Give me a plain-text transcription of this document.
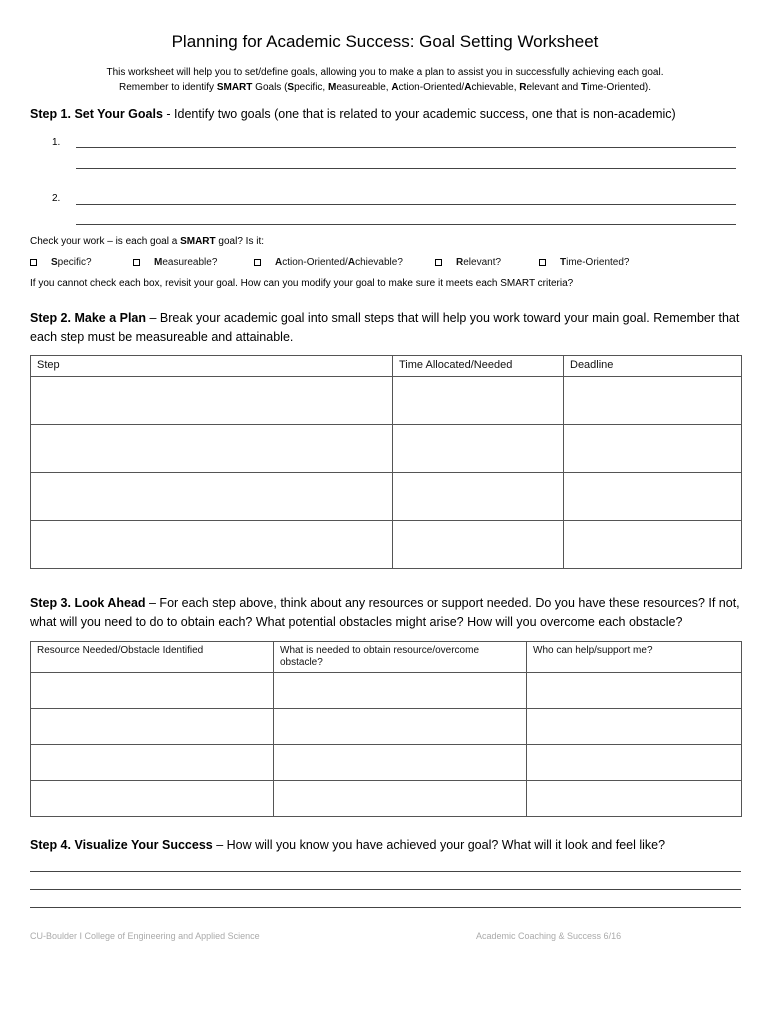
Planning for Academic Success: Goal Setting Worksheet
This worksheet will help you to set/define goals, allowing you to make a plan to assist you in successfully achieving each goal.
Remember to identify SMART Goals (Specific, Measureable, Action-Oriented/Achievable, Relevant and Time-Oriented).
Step 1. Set Your Goals - Identify two goals (one that is related to your academic success, one that is non-academic)
1.
2.
Check your work – is each goal a SMART goal? Is it:
S pecific?	M easureable?	A ction-Oriented/ A chievable?	R elevant?	T ime-Oriented?
If you cannot check each box, revisit your goal. How can you modify your goal to make sure it meets each SMART criteria?
Step 2. Make a Plan – Break your academic goal into small steps that will help you work toward your main goal. Remember that each step must be measureable and attainable.
Step	Time Allocated/Needed	Deadline

Step 3. Look Ahead – For each step above, think about any resources or support needed. Do you have these resources? If not, what will you need to do to obtain each? What potential obstacles might arise? How will you overcome each obstacle?
Resource Needed/Obstacle Identified	What is needed to obtain resource/overcome obstacle?	Who can help/support me?

Step 4. Visualize Your Success – How will you know you have achieved your goal? What will it look and feel like?
CU-Boulder I College of Engineering and Applied Science	Academic Coaching & Success 6/16
